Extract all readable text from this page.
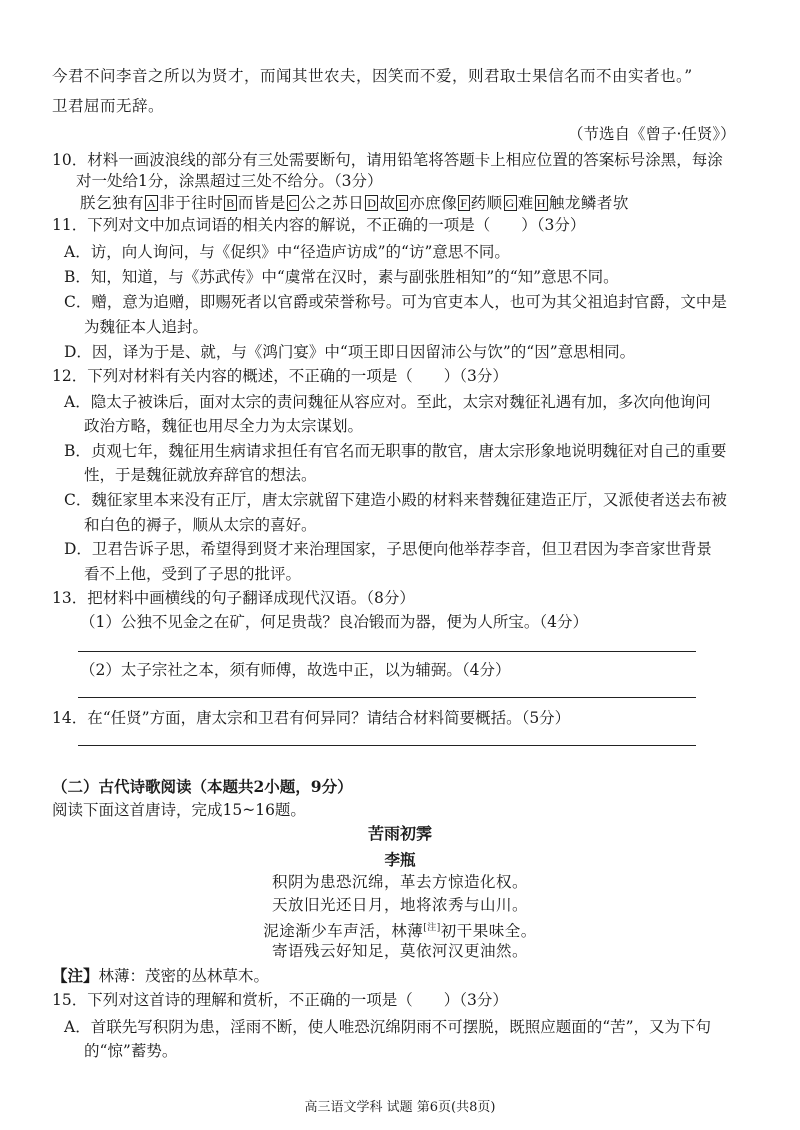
今君不问李音之所以为贤才，而闻其世农夫，因笑而不爱，则君取士果信名而不由实者也。”
卫君屈而无辞。
（节选自《曾子·任贤》）
10．材料一画波浪线的部分有三处需要断句，请用铅笔将答题卡上相应位置的答案标号涂黑，每涂
对一处给1分，涂黑超过三处不给分。（3分）
朕乞独有 A 非于往时 B 而皆是 C 公之苏日 D 故 E 亦庶像 F 药顺 G 难 H 触龙鳞者欤
11．下列对文中加点词语的相关内容的解说，不正确的一项是（　　）（3分）
A．访，向人询问，与《促织》中“径造庐访成”的“访”意思不同。
B．知，知道，与《苏武传》中“虞常在汉时，素与副张胜相知”的“知”意思不同。
C．赠，意为追赠，即赐死者以官爵或荣誉称号。可为官吏本人，也可为其父祖追封官爵，文中是
为魏征本人追封。
D．因，译为于是、就，与《鸿门宴》中“项王即日因留沛公与饮”的“因”意思相同。
12．下列对材料有关内容的概述，不正确的一项是（　　）（3分）
A．隐太子被诛后，面对太宗的责问魏征从容应对。至此，太宗对魏征礼遇有加，多次向他询问
政治方略，魏征也用尽全力为太宗谋划。
B．贞观七年，魏征用生病请求担任有官名而无职事的散官，唐太宗形象地说明魏征对自己的重要
性，于是魏征就放弃辞官的想法。
C．魏征家里本来没有正厅，唐太宗就留下建造小殿的材料来替魏征建造正厅，又派使者送去布被
和白色的褥子，顺从太宗的喜好。
D．卫君告诉子思，希望得到贤才来治理国家，子思便向他举荐李音，但卫君因为李音家世背景
看不上他，受到了子思的批评。
13．把材料中画横线的句子翻译成现代汉语。（8分）
（1）公独不见金之在矿，何足贵哉？良冶锻而为器，便为人所宝。（4分）
（2）太子宗社之本，须有师傅，故选中正，以为辅弼。（4分）
14．在“任贤”方面，唐太宗和卫君有何异同？请结合材料简要概括。（5分）
（二）古代诗歌阅读（本题共2小题，9分）
阅读下面这首唐诗，完成15~16题。
苦雨初霁
李瓶
积阴为患恐沉绵，革去方惊造化权。
天放旧光还日月，地将浓秀与山川。
泥途渐少车声活，林薄[注]初干果味全。
寄语残云好知足，莫依河汉更油然。
【注】林薄：茂密的丛林草木。
15．下列对这首诗的理解和赏析，不正确的一项是（　　）（3分）
A．首联先写积阴为患，淫雨不断，使人唯恐沉绵阴雨不可摆脱，既照应题面的“苦”，又为下句
的“惊”蓄势。
高三语文学科 试题 第6页(共8页)
